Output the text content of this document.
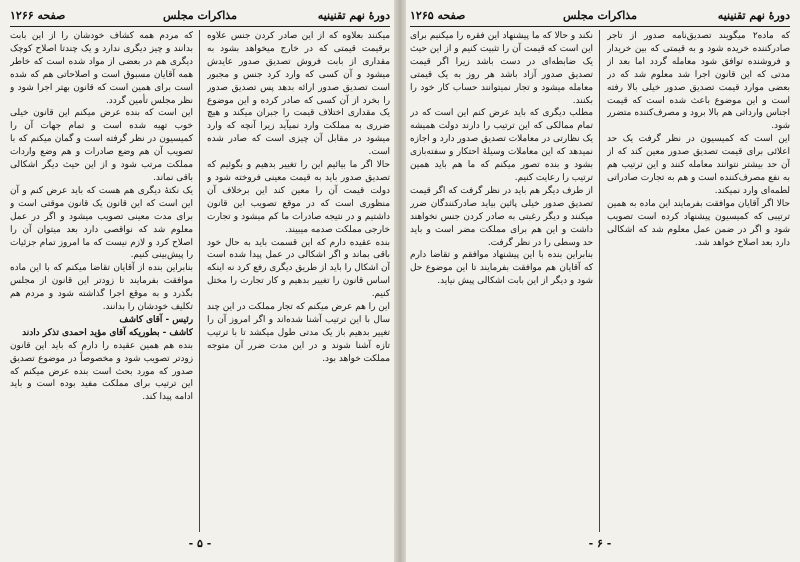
صفحه ۱۲۶۶	مذاکرات مجلس	دورهٔ نهم تقنینیه

میکنند بعلاوه که از این صادر کردن جنس علاوه برقیمت قیمتی که در خارج میخواهد بشود به مقداری از بابت فروش تصدیق صدور عایدش میشود و آن کسی که وارد کرد جنس و مجبور است تصدیق صدور ارائه بدهد پس تصدیق صدور را بخرد از آن کسی که صادر کرده و این موضوع یک مقداری اختلاف قیمت را جبران میکند و هیچ ضرری به مملکت وارد نمیآید زیرا آنچه که وارد میشود در مقابل آن چیزی است که صادر شده است.

حالا اگر ما بیائیم این را تغییر بدهیم و بگوئیم که تصدیق صدور باید به قیمت معینی فروخته شود و دولت قیمت آن را معین کند این برخلاف آن منظوری است که در موقع تصویب این قانون داشتیم و در نتیجه صادرات ما کم میشود و تجارت خارجی مملکت صدمه میبیند.

بنده عقیده دارم که این قسمت باید به حال خود باقی بماند و اگر اشکالی در عمل پیدا شده است آن اشکال را باید از طریق دیگری رفع کرد نه اینکه اساس قانون را تغییر بدهیم و کار تجارت را مختل کنیم.

این را هم عرض میکنم که تجار مملکت در این چند سال با این ترتیب آشنا شده‌اند و اگر امروز آن را تغییر بدهیم باز یک مدتی طول میکشد تا با ترتیب تازه آشنا شوند و در این مدت ضرر آن متوجه مملکت خواهد بود.

که مردم همه کشاف خودشان را از این بابت بدانند و چیز دیگری ندارد و یک چندتا اصلاح کوچک دیگری هم در بعضی از مواد شده است که خاطر همه آقایان مسبوق است و اصلاحاتی هم که شده است برای همین است که قانون بهتر اجرا شود و نظر مجلس تأمین گردد.

این است که بنده عرض میکنم این قانون خیلی خوب تهیه شده است و تمام جهات آن را کمیسیون در نظر گرفته است و گمان میکنم که با تصویب آن هم وضع صادرات و هم وضع واردات مملکت مرتب شود و از این حیث دیگر اشکالی باقی نماند.

یک نکتهٔ دیگری هم هست که باید عرض کنم و آن این است که این قانون یک قانون موقتی است و برای مدت معینی تصویب میشود و اگر در عمل معلوم شد که نواقصی دارد بعد میتوان آن را اصلاح کرد و لازم نیست که ما امروز تمام جزئیات را پیش‌بینی کنیم.

بنابراین بنده از آقایان تقاضا میکنم که با این ماده موافقت بفرمایند تا زودتر این قانون از مجلس بگذرد و به موقع اجرا گذاشته شود و مردم هم تکلیف خودشان را بدانند.

رئیس - آقای کاشف

کاشف - بطوریکه آقای مؤید احمدی تذکر دادند

بنده هم همین عقیده را دارم که باید این قانون زودتر تصویب شود و مخصوصاً در موضوع تصدیق صدور که مورد بحث است بنده عرض میکنم که این ترتیب برای مملکت مفید بوده است و باید ادامه پیدا کند.

- ۵ -
صفحه ۱۲۶۵	مذاکرات مجلس	دورهٔ نهم تقنینیه

که ماده۲ میگویند تصدیق‌نامه صدور از تاجر صادرکننده خریده شود و به قیمتی که بین خریدار و فروشنده توافق شود معامله گردد اما بعد از مدتی که این قانون اجرا شد معلوم شد که در بعضی موارد قیمت تصدیق صدور خیلی بالا رفته است و این موضوع باعث شده است که قیمت اجناس وارداتی هم بالا برود و مصرف‌کننده متضرر شود.

این است که کمیسیون در نظر گرفت یک حد اعلائی برای قیمت تصدیق صدور معین کند که از آن حد بیشتر نتوانند معامله کنند و این ترتیب هم به نفع مصرف‌کننده است و هم به تجارت صادراتی لطمه‌ای وارد نمیکند.

حالا اگر آقایان موافقت بفرمایند این ماده به همین ترتیبی که کمیسیون پیشنهاد کرده است تصویب شود و اگر در ضمن عمل معلوم شد که اشکالی دارد بعد اصلاح خواهد شد.

نکند و حالا که ما پیشنهاد این فقره را میکنیم برای این است که قیمت آن را تثبیت کنیم و از این حیث یک ضابطه‌ای در دست باشد زیرا اگر قیمت تصدیق صدور آزاد باشد هر روز به یک قیمتی معامله میشود و تجار نمیتوانند حساب کار خود را بکنند.

مطلب دیگری که باید عرض کنم این است که در تمام ممالکی که این ترتیب را دارند دولت همیشه یک نظارتی در معاملات تصدیق صدور دارد و اجازه نمیدهد که این معاملات وسیلهٔ احتکار و سفته‌بازی بشود و بنده تصور میکنم که ما هم باید همین ترتیب را رعایت کنیم.

از طرف دیگر هم باید در نظر گرفت که اگر قیمت تصدیق صدور خیلی پائین بیاید صادرکنندگان ضرر میکنند و دیگر رغبتی به صادر کردن جنس نخواهند داشت و این هم برای مملکت مضر است و باید حد وسطی را در نظر گرفت.

بنابراین بنده با این پیشنهاد موافقم و تقاضا دارم که آقایان هم موافقت بفرمایند تا این موضوع حل شود و دیگر از این بابت اشکالی پیش نیاید.

- ۶ -
